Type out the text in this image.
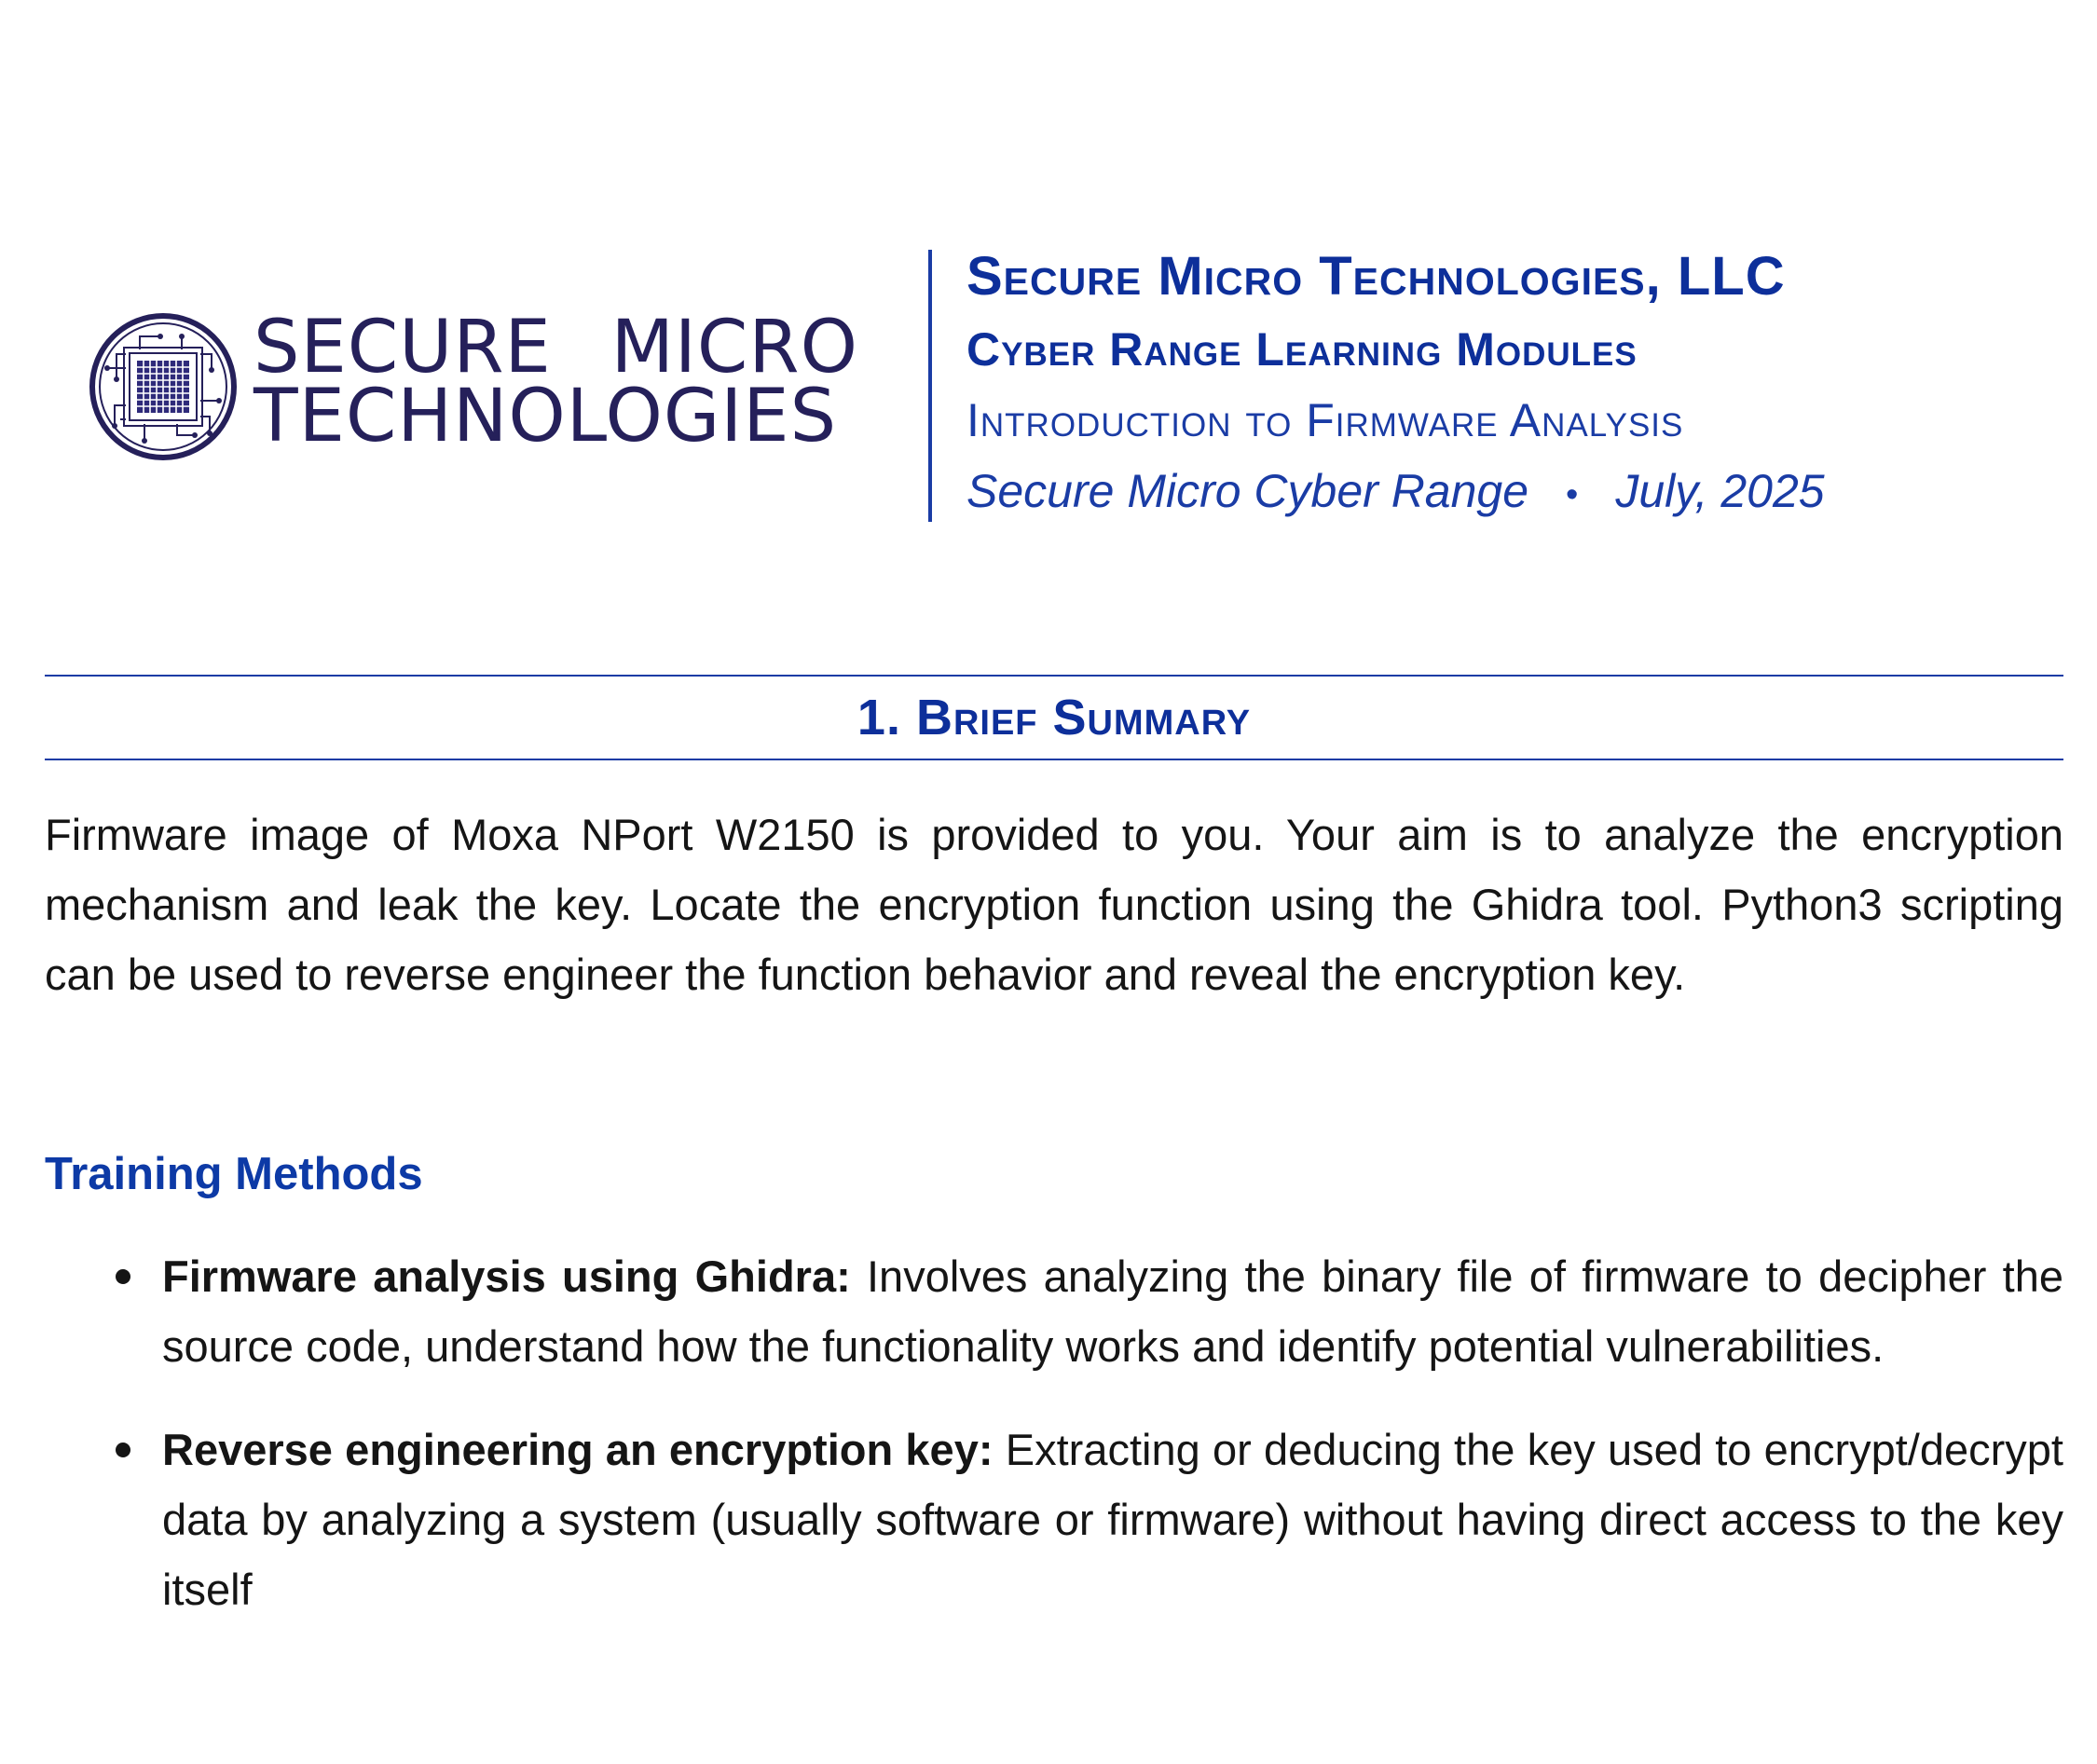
SECURE MICRO
TECHNOLOGIES
Secure Micro Technologies, LLC
Cyber Range Learning Modules
Introduction to Firmware Analysis
Secure Micro Cyber Range • July, 2025
1. Brief Summary

Firmware image of Moxa NPort W2150 is provided to you. Your aim is to analyze the encryption mechanism and leak the key. Locate the encryption function using the Ghidra tool. Python3 scripting can be used to reverse engineer the function behavior and reveal the encryption key.

Training Methods
Firmware analysis using Ghidra: Involves analyzing the binary file of firmware to decipher the source code, understand how the functionality works and identify potential vulnerabilities.
Reverse engineering an encryption key: Extracting or deducing the key used to encrypt/decrypt data by analyzing a system (usually software or firmware) without having direct access to the key itself
